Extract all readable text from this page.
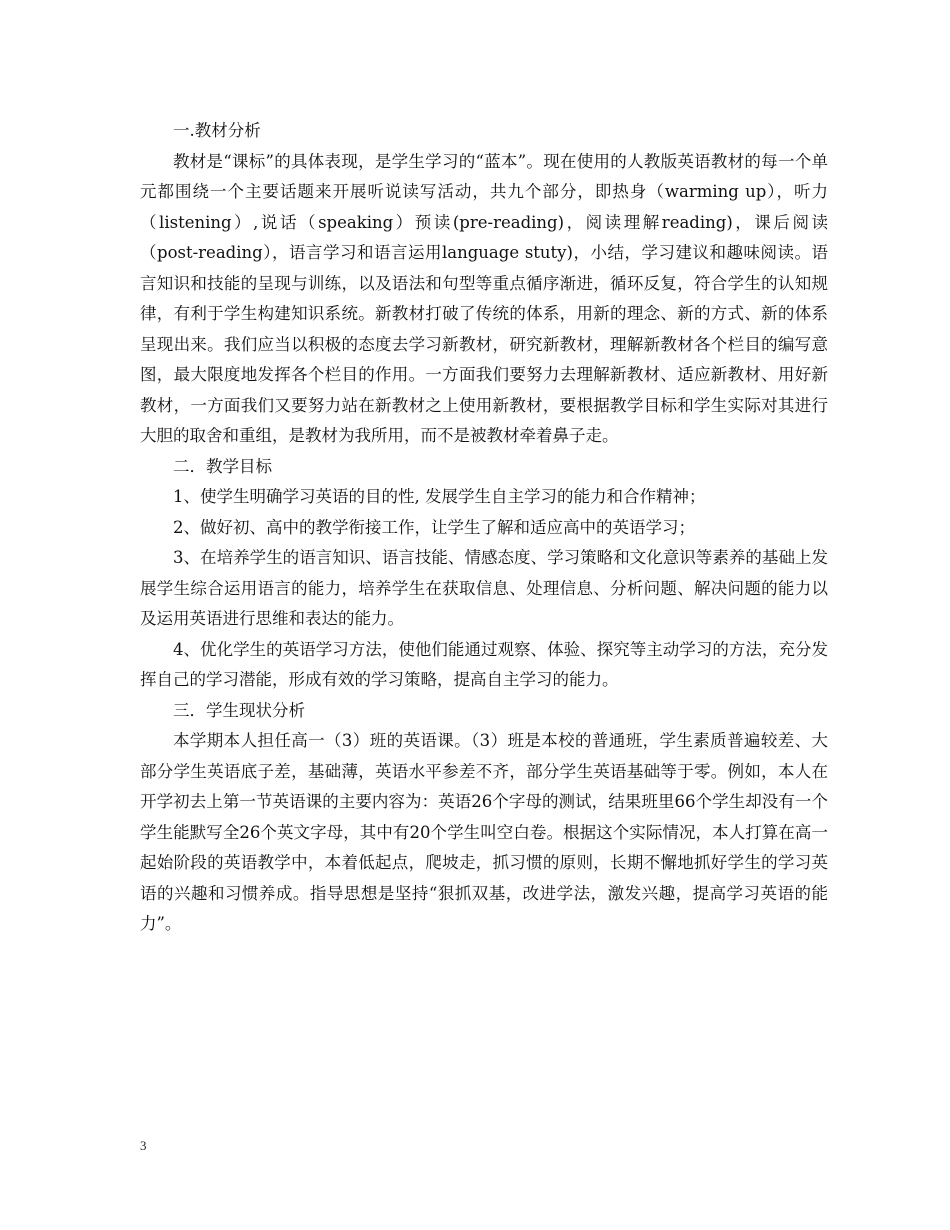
一.教材分析

教材是“课标”的具体表现，是学生学习的“蓝本”。现在使用的人教版英语教材的每一个单元都围绕一个主要话题来开展听说读写活动，共九个部分，即热身（warming up），听力（listening）,说话（speaking）预读(pre-reading)，阅读理解reading)，课后阅读（post-reading），语言学习和语言运用language stuty)，小结，学习建议和趣味阅读。语言知识和技能的呈现与训练，以及语法和句型等重点循序渐进，循环反复，符合学生的认知规律，有利于学生构建知识系统。新教材打破了传统的体系，用新的理念、新的方式、新的体系呈现出来。我们应当以积极的态度去学习新教材，研究新教材，理解新教材各个栏目的编写意图，最大限度地发挥各个栏目的作用。一方面我们要努力去理解新教材、适应新教材、用好新教材，一方面我们又要努力站在新教材之上使用新教材，要根据教学目标和学生实际对其进行大胆的取舍和重组，是教材为我所用，而不是被教材牵着鼻子走。

二．教学目标

1、使学生明确学习英语的目的性, 发展学生自主学习的能力和合作精神；

2、做好初、高中的教学衔接工作，让学生了解和适应高中的英语学习；

3、在培养学生的语言知识、语言技能、情感态度、学习策略和文化意识等素养的基础上发展学生综合运用语言的能力，培养学生在获取信息、处理信息、分析问题、解决问题的能力以及运用英语进行思维和表达的能力。

4、优化学生的英语学习方法，使他们能通过观察、体验、探究等主动学习的方法，充分发挥自己的学习潜能，形成有效的学习策略，提高自主学习的能力。

三．学生现状分析

本学期本人担任高一（3）班的英语课。（3）班是本校的普通班，学生素质普遍较差、大部分学生英语底子差，基础薄，英语水平参差不齐，部分学生英语基础等于零。例如，本人在开学初去上第一节英语课的主要内容为：英语26个字母的测试，结果班里66个学生却没有一个学生能默写全26个英文字母，其中有20个学生叫空白卷。根据这个实际情况，本人打算在高一起始阶段的英语教学中，本着低起点，爬坡走，抓习惯的原则，长期不懈地抓好学生的学习英语的兴趣和习惯养成。指导思想是坚持“狠抓双基，改进学法，激发兴趣，提高学习英语的能力”。

3
